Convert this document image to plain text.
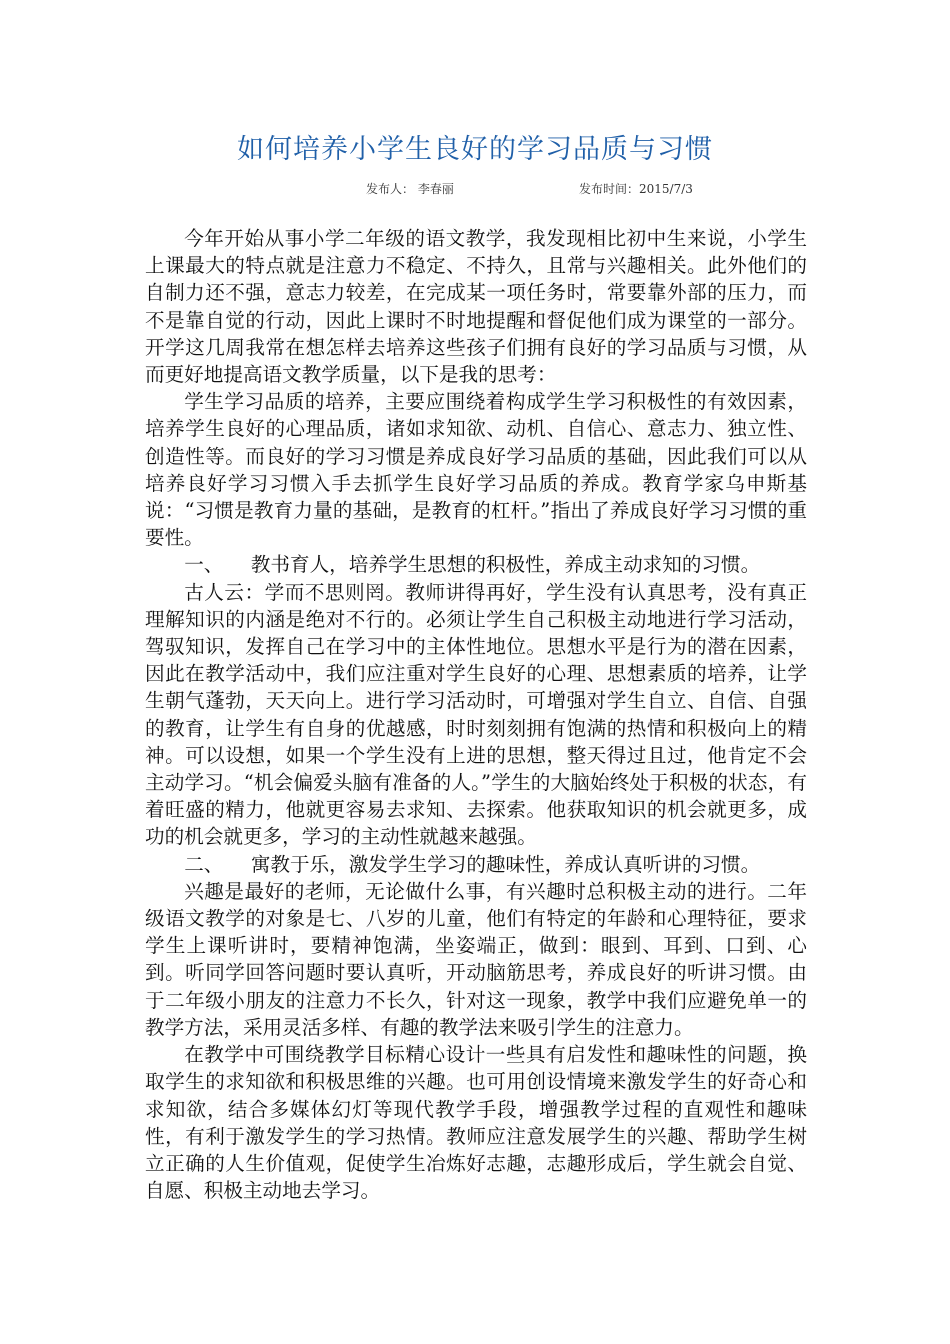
如何培养小学生良好的学习品质与习惯
发布人： 李春丽	发布时间：2015/7/3

今年开始从事小学二年级的语文教学，我发现相比初中生来说，小学生上课最大的特点就是注意力不稳定、不持久，且常与兴趣相关。此外他们的自制力还不强，意志力较差，在完成某一项任务时，常要靠外部的压力，而不是靠自觉的行动，因此上课时不时地提醒和督促他们成为课堂的一部分。开学这几周我常在想怎样去培养这些孩子们拥有良好的学习品质与习惯，从而更好地提高语文教学质量，以下是我的思考：

学生学习品质的培养，主要应围绕着构成学生学习积极性的有效因素，培养学生良好的心理品质，诸如求知欲、动机、自信心、意志力、独立性、创造性等。而良好的学习习惯是养成良好学习品质的基础，因此我们可以从培养良好学习习惯入手去抓学生良好学习品质的养成。教育学家乌申斯基说：“习惯是教育力量的基础，是教育的杠杆。”指出了养成良好学习习惯的重要性。

一、 教书育人，培养学生思想的积极性，养成主动求知的习惯。

古人云：学而不思则罔。教师讲得再好，学生没有认真思考，没有真正理解知识的内涵是绝对不行的。必须让学生自己积极主动地进行学习活动，驾驭知识，发挥自己在学习中的主体性地位。思想水平是行为的潜在因素，因此在教学活动中，我们应注重对学生良好的心理、思想素质的培养，让学生朝气蓬勃，天天向上。进行学习活动时，可增强对学生自立、自信、自强的教育，让学生有自身的优越感，时时刻刻拥有饱满的热情和积极向上的精神。可以设想，如果一个学生没有上进的思想，整天得过且过，他肯定不会主动学习。“机会偏爱头脑有准备的人。”学生的大脑始终处于积极的状态，有着旺盛的精力，他就更容易去求知、去探索。他获取知识的机会就更多，成功的机会就更多，学习的主动性就越来越强。

二、 寓教于乐，激发学生学习的趣味性，养成认真听讲的习惯。

兴趣是最好的老师，无论做什么事，有兴趣时总积极主动的进行。二年级语文教学的对象是七、八岁的儿童，他们有特定的年龄和心理特征，要求学生上课听讲时，要精神饱满，坐姿端正，做到：眼到、耳到、口到、心到。听同学回答问题时要认真听，开动脑筋思考，养成良好的听讲习惯。由于二年级小朋友的注意力不长久，针对这一现象，教学中我们应避免单一的教学方法，采用灵活多样、有趣的教学法来吸引学生的注意力。

在教学中可围绕教学目标精心设计一些具有启发性和趣味性的问题，换取学生的求知欲和积极思维的兴趣。也可用创设情境来激发学生的好奇心和求知欲，结合多媒体幻灯等现代教学手段，增强教学过程的直观性和趣味性，有利于激发学生的学习热情。教师应注意发展学生的兴趣、帮助学生树立正确的人生价值观，促使学生冶炼好志趣，志趣形成后，学生就会自觉、自愿、积极主动地去学习。
